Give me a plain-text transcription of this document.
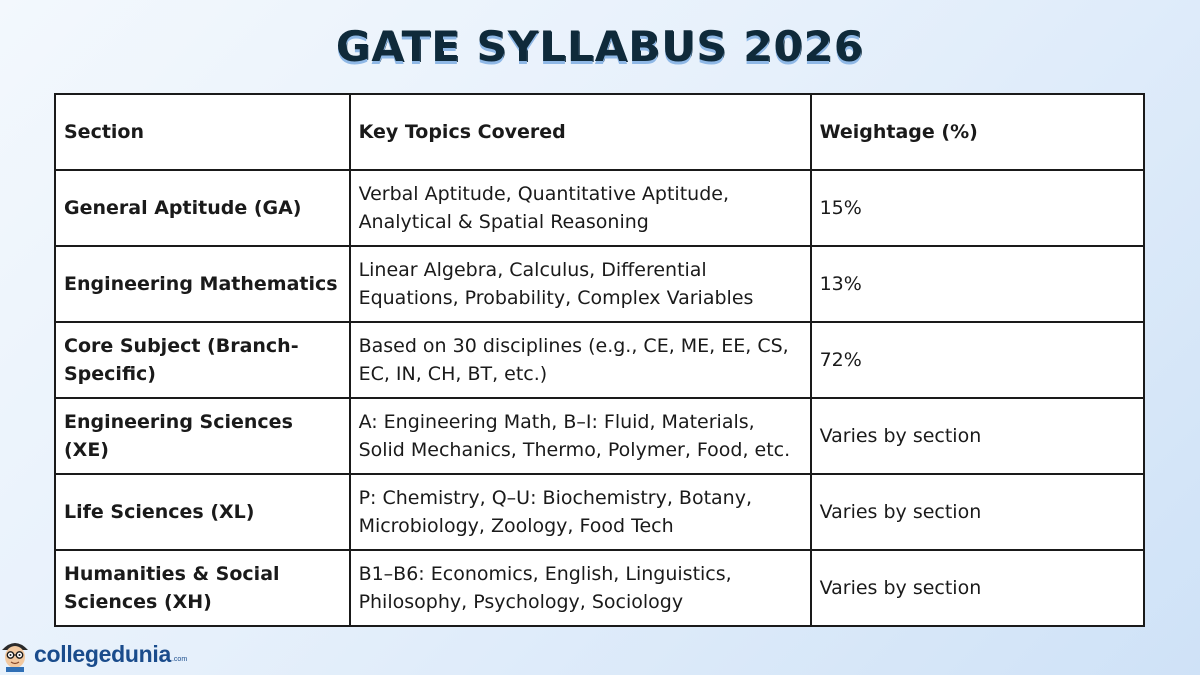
GATE SYLLABUS 2026
Section	Key Topics Covered	Weightage (%)
General Aptitude (GA)	Verbal Aptitude, Quantitative Aptitude, Analytical & Spatial Reasoning	15%
Engineering Mathematics	Linear Algebra, Calculus, Differential Equations, Probability, Complex Variables	13%
Core Subject (Branch-Specific)	Based on 30 disciplines (e.g., CE, ME, EE, CS, EC, IN, CH, BT, etc.)	72%
Engineering Sciences (XE)	A: Engineering Math, B–I: Fluid, Materials, Solid Mechanics, Thermo, Polymer, Food, etc.	Varies by section
Life Sciences (XL)	P: Chemistry, Q–U: Biochemistry, Botany, Microbiology, Zoology, Food Tech	Varies by section
Humanities & Social Sciences (XH)	B1–B6: Economics, English, Linguistics, Philosophy, Psychology, Sociology	Varies by section
collegedunia .com
